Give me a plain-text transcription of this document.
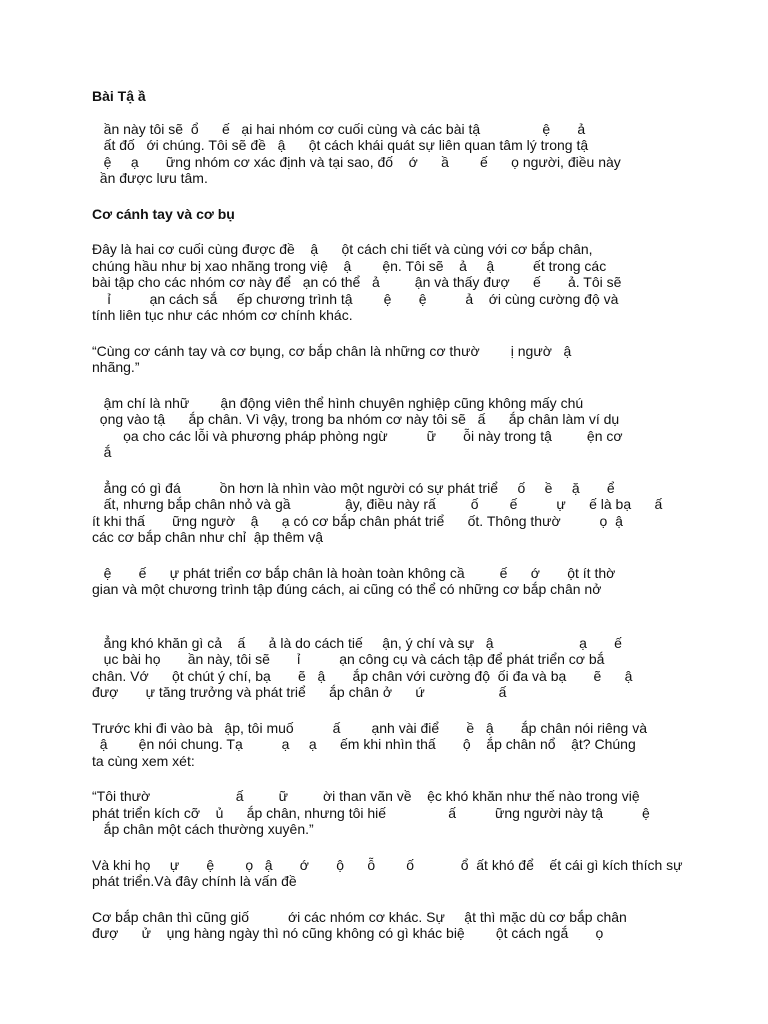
Bài Tậ ầ
ần này tôi sẽ  ổ      ế   ại hai nhóm cơ cuối cùng và các bài tậ                ệ       ả
ất đố   ới chúng. Tôi sẽ đề   ậ      ột cách khái quát sự liên quan tâm lý trong tậ
ệ     ạ       ững nhóm cơ xác định và tại sao, đố    ớ      ầ        ế      ọ người, điều này
ần được lưu tâm.
Cơ cánh tay và cơ bụ
Đây là hai cơ cuối cùng được đề    ậ      ột cách chi tiết và cùng với cơ bắp chân,
chúng hầu như bị xao nhãng trong việ    ậ        ện. Tôi sẽ    ả     ậ          ết trong các
bài tập cho các nhóm cơ này để   ạn có thể   ả         ận và thấy đượ      ế       ả. Tôi sẽ
ỉ          ạn cách sắ     ếp chương trình tậ        ệ       ệ          ả    ới cùng cường độ và
tính liên tục như các nhóm cơ chính khác.
“Cùng cơ cánh tay và cơ bụng, cơ bắp chân là những cơ thườ        ị ngườ   ậ
nhãng.”
ậm chí là nhữ        ận động viên thể hình chuyên nghiệp cũng không mấy chú
ọng vào tậ      ắp chân. Vì vậy, trong ba nhóm cơ này tôi sẽ   ấ      ắp chân làm ví dụ
ọa cho các lỗi và phương pháp phòng ngừ          ữ       ỗi này trong tậ         ện cơ
ắ
ẳng có gì đá          ồn hơn là nhìn vào một người có sự phát triể     ố     ề     ặ       ể
ất, nhưng bắp chân nhỏ và gầ              ậy, điều này rấ         ố        ế          ự      ế là bạ      ấ
ít khi thấ       ững ngườ    ậ      ạ có cơ bắp chân phát triể      ốt. Thông thườ          ọ  ậ
các cơ bắp chân như chỉ  ập thêm vậ
ệ       ế      ự phát triển cơ bắp chân là hoàn toàn không cầ         ế      ớ       ột ít thờ
gian và một chương trình tập đúng cách, ai cũng có thể có những cơ bắp chân nở
ẳng khó khăn gì cả    ấ      ả là do cách tiế     ận, ý chí và sự   ậ                      ạ       ế
ục bài họ       ần này, tôi sẽ       ỉ          ạn công cụ và cách tập để phát triển cơ bắ
chân. Vớ      ột chút ý chí, bạ       ẽ   ậ       ắp chân với cường độ  ối đa và bạ       ẽ      ậ
đượ       ự tăng trưởng và phát triể      ắp chân ở      ứ                   ấ
Trước khi đi vào bà   ập, tôi muố          ấ        ạnh vài điể       ề   ậ       ắp chân nói riêng và
ậ        ện nói chung. Tạ          ạ     ạ      ếm khi nhìn thấ       ộ    ắp chân nổ    ật? Chúng
ta cùng xem xét:
“Tôi thườ                      ấ         ữ         ời than vãn về    ệc khó khăn như thế nào trong việ
phát triển kích cỡ    ủ      ắp chân, nhưng tôi hiế                ấ          ững người này tậ          ệ
ắp chân một cách thường xuyên.”
Và khi họ     ự       ệ        ọ   ậ       ớ       ộ      ỗ        ố            ổ  ất khó để    ết cái gì kích thích sự
phát triển.Và đây chính là vấn đề
Cơ bắp chân thì cũng giố          ới các nhóm cơ khác. Sự     ật thì mặc dù cơ bắp chân
đượ      ử    ụng hàng ngày thì nó cũng không có gì khác biệ        ột cách ngắ       ọ
